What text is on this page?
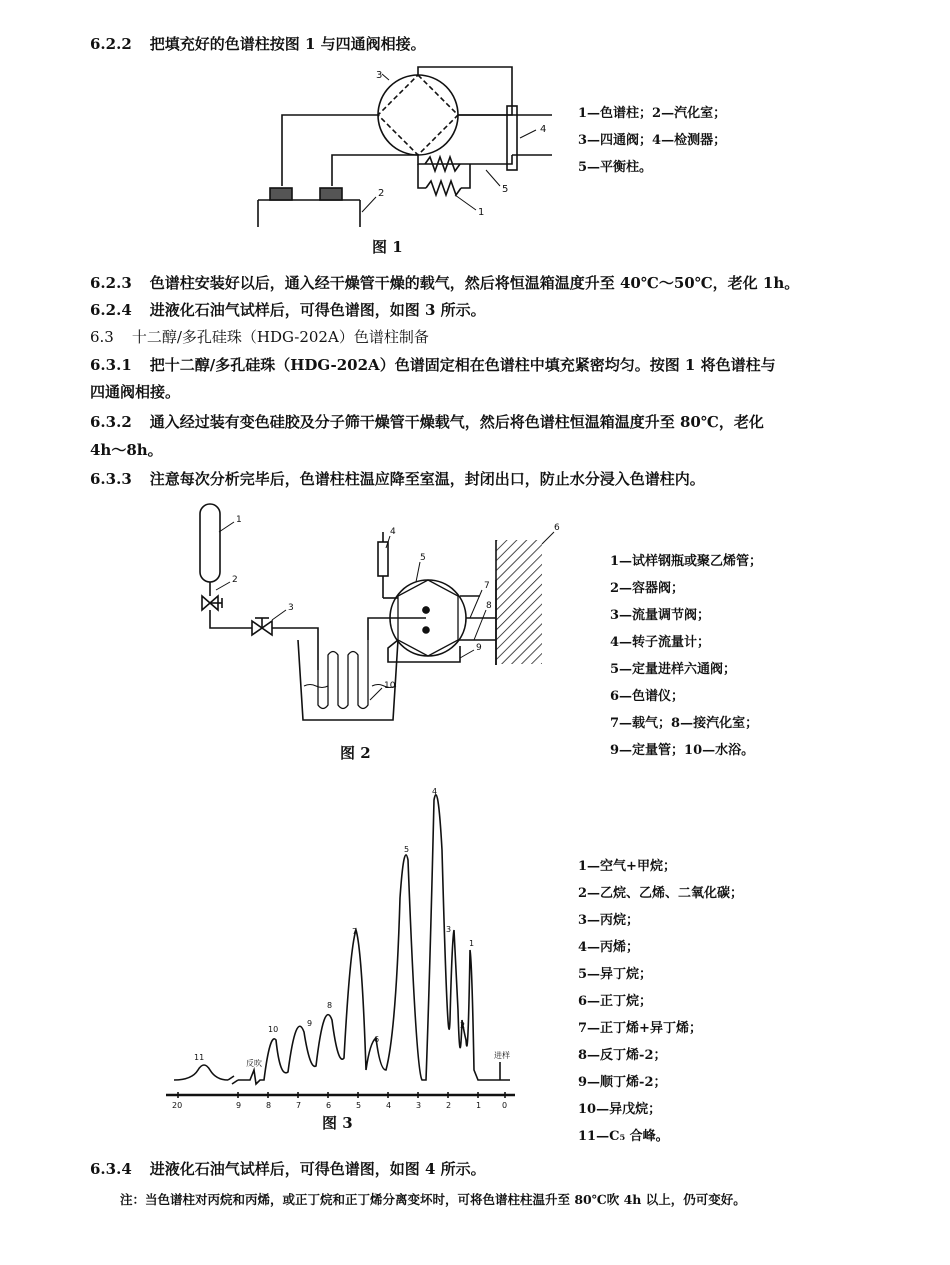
6.2.2 把填充好的色谱柱按图 1 与四通阀相接。
3
4
5
2
1
1—色谱柱；2—汽化室；
3—四通阀；4—检测器；
5—平衡柱。
图 1
6.2.3 色谱柱安装好以后，通入经干燥管干燥的载气，然后将恒温箱温度升至 40℃～50℃，老化 1h。
6.2.4 进液化石油气试样后，可得色谱图，如图 3 所示。
6.3 十二醇/多孔硅珠（HDG-202A）色谱柱制备
6.3.1 把十二醇/多孔硅珠（HDG-202A）色谱固定相在色谱柱中填充紧密均匀。按图 1 将色谱柱与
四通阀相接。
6.3.2 通入经过装有变色硅胶及分子筛干燥管干燥载气，然后将色谱柱恒温箱温度升至 80℃，老化
4h～8h。
6.3.3 注意每次分析完毕后，色谱柱柱温应降至室温，封闭出口，防止水分浸入色谱柱内。
1
2
3
4
5
6
7
8
9
10
1—试样钢瓶或聚乙烯管；
2—容器阀；
3—流量调节阀；
4—转子流量计；
5—定量进样六通阀；
6—色谱仪；
7—载气；8—接汽化室；
9—定量管；10—水浴。
图 2
11
10
9
8
7
6
5
4
3
2
1
反吹
进样
20	9	8	7	6	5	4	3	2	1	0
1—空气+甲烷；
2—乙烷、乙烯、二氧化碳；
3—丙烷；
4—丙烯；
5—异丁烷；
6—正丁烷；
7—正丁烯+异丁烯；
8—反丁烯-2；
9—顺丁烯-2；
10—异戊烷；
11—C₅ 合峰。
图 3
6.3.4 进液化石油气试样后，可得色谱图，如图 4 所示。
注：当色谱柱对丙烷和丙烯，或正丁烷和正丁烯分离变坏时，可将色谱柱柱温升至 80℃吹 4h 以上，仍可变好。
